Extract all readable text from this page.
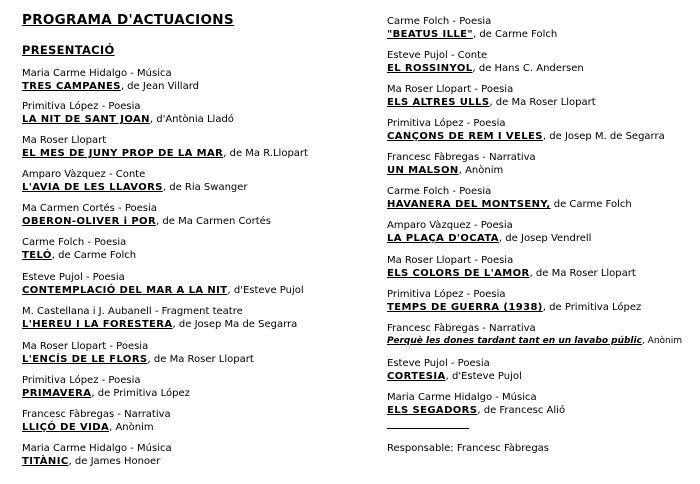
PROGRAMA D'ACTUACIONS
PRESENTACIÓ
Maria Carme Hidalgo - Música
TRES CAMPANES, de Jean Villard
Primitiva López - Poesia
LA NIT DE SANT JOAN, d'Antònia Lladó
Ma Roser Llopart
EL MES DE JUNY PROP DE LA MAR, de Ma R.Llopart
Amparo Vàzquez - Conte
L'AVIA DE LES LLAVORS, de Ria Swanger
Ma Carmen Cortés - Poesia
OBERON-OLIVER i POR, de Ma Carmen Cortés
Carme Folch - Poesia
TELÓ, de Carme Folch
Esteve Pujol - Poesia
CONTEMPLACIÓ DEL MAR A LA NIT, d'Esteve Pujol
M. Castellana i J. Aubanell - Fragment teatre
L'HEREU I LA FORESTERA, de Josep Ma de Segarra
Ma Roser Llopart - Poesia
L'ENCÍS DE LE FLORS, de Ma Roser Llopart
Primitiva López - Poesia
PRIMAVERA, de Primitiva López
Francesc Fàbregas - Narrativa
LLIÇÓ DE VIDA, Anònim
Maria Carme Hidalgo - Música
TITÀNIC, de James Honoer
Carme Folch - Poesia
"BEATUS ILLE", de Carme Folch
Esteve Pujol - Conte
EL ROSSINYOL, de Hans C. Andersen
Ma Roser Llopart - Poesia
ELS ALTRES ULLS, de Ma Roser Llopart
Primitiva López - Poesia
CANÇONS DE REM I VELES, de Josep M. de Segarra
Francesc Fàbregas - Narrativa
UN MALSON, Anònim
Carme Folch - Poesia
HAVANERA DEL MONTSENY, de Carme Folch
Amparo Vàzquez - Poesia
LA PLAÇA D'OCATA, de Josep Vendrell
Ma Roser Llopart - Poesia
ELS COLORS DE L'AMOR, de Ma Roser Llopart
Primitiva López - Poesia
TEMPS DE GUERRA (1938), de Primitiva López
Francesc Fàbregas - Narrativa
Perquè les dones tardant tant en un lavabo públic, Anònim
Esteve Pujol - Poesia
CORTESIA, d'Esteve Pujol
Maria Carme Hidalgo - Música
ELS SEGADORS, de Francesc Alió
Responsable: Francesc Fàbregas
